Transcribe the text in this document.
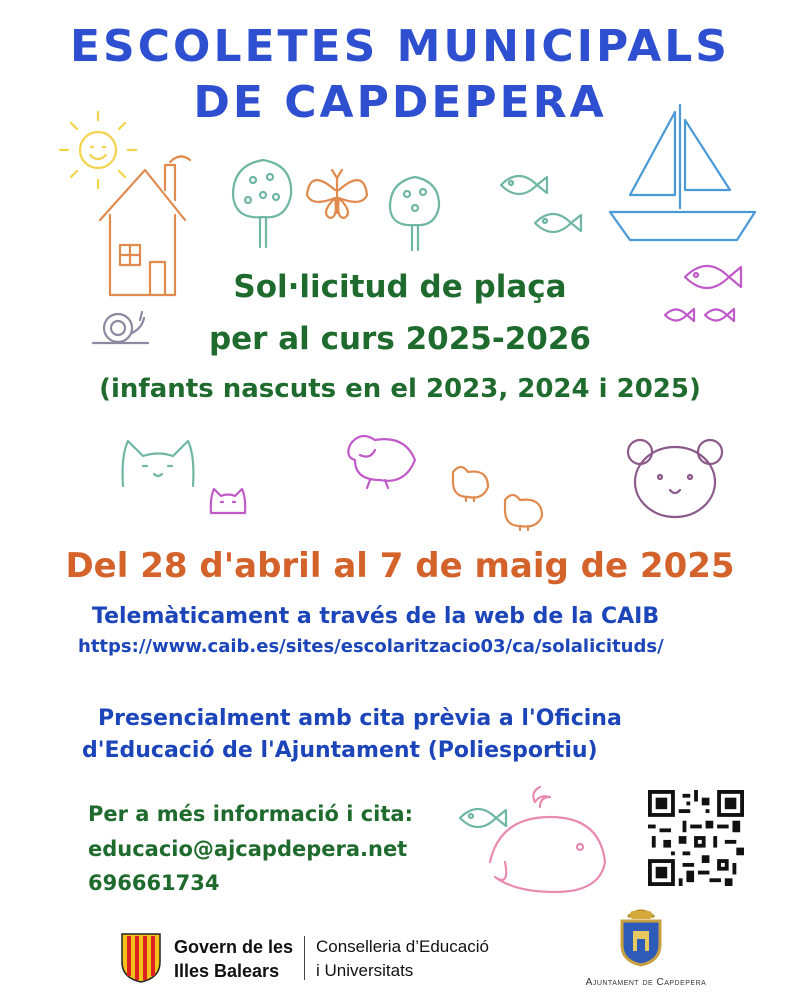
ESCOLETES MUNICIPALS
DE CAPDEPERA
Sol·licitud de plaça
per al curs 2025-2026
(infants nascuts en el 2023, 2024 i 2025)
Del 28 d'abril al 7 de maig de 2025
Telemàticament a través de la web de la CAIB
https://www.caib.es/sites/escolaritzacio03/ca/solalicituds/
Presencialment amb cita prèvia a l'Oficina
d'Educació de l'Ajuntament (Poliesportiu)
Per a més informació i cita:
educacio@ajcapdepera.net
696661734
Govern de les
Illes Balears
Conselleria d’Educació
i Universitats
Ajuntament de Capdepera
